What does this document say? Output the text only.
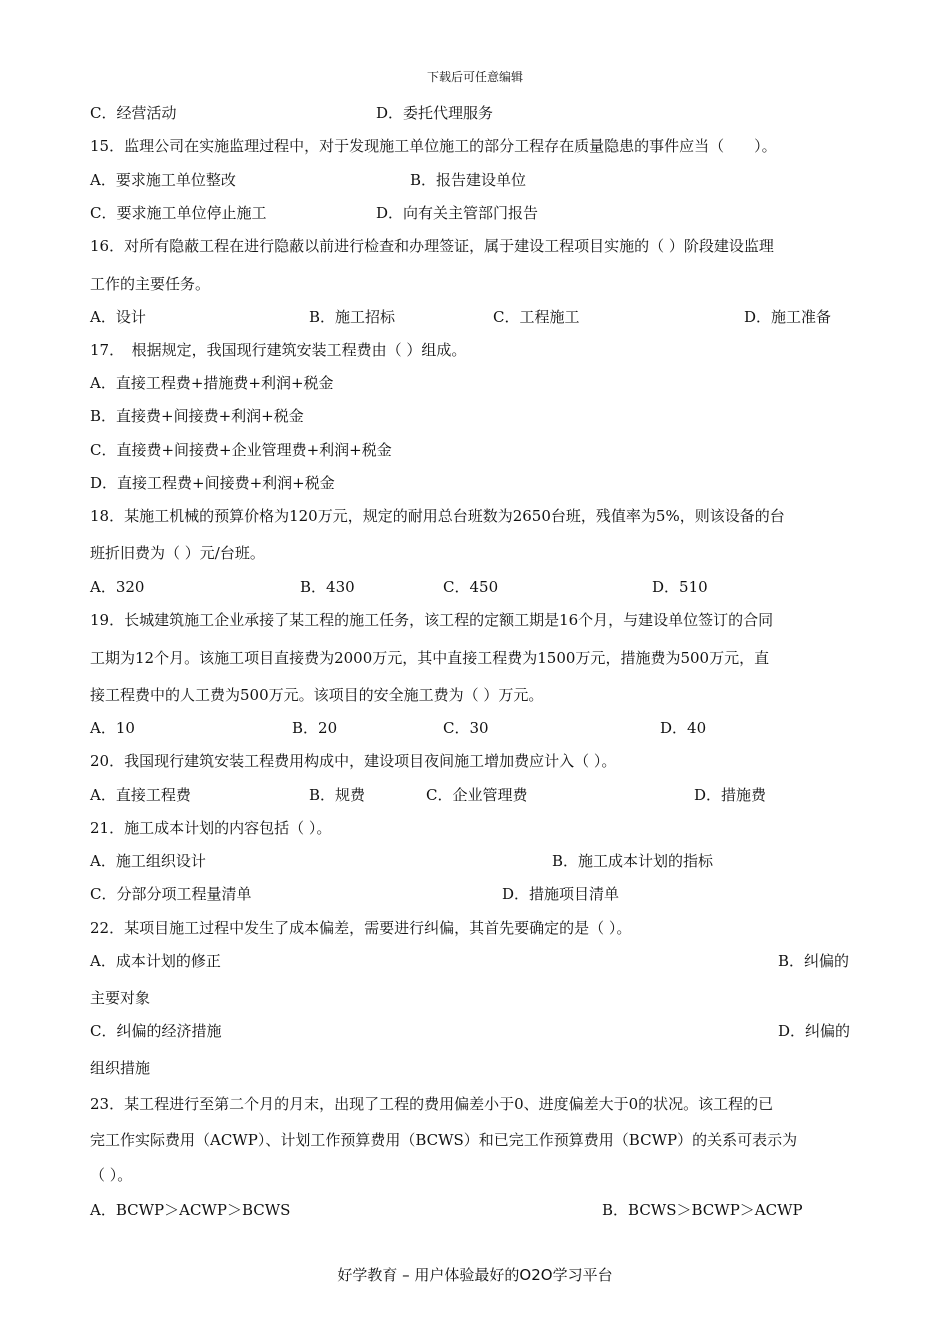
下载后可任意编辑
C．经营活动	D．委托代理服务
15．监理公司在实施监理过程中，对于发现施工单位施工的部分工程存在质量隐患的事件应当（　　）。
A．要求施工单位整改	B．报告建设单位
C．要求施工单位停止施工	D．向有关主管部门报告
16．对所有隐蔽工程在进行隐蔽以前进行检查和办理签证，属于建设工程项目实施的（ ）阶段建设监理
工作的主要任务。
A．设计	B．施工招标	C．工程施工	D．施工准备
17．　根据规定，我国现行建筑安装工程费由（ ）组成。
A．直接工程费+措施费+利润+税金
B．直接费+间接费+利润+税金
C．直接费+间接费+企业管理费+利润+税金
D．直接工程费+间接费+利润+税金
18．某施工机械的预算价格为120万元，规定的耐用总台班数为2650台班，残值率为5%，则该设备的台
班折旧费为（ ）元/台班。
A．320	B．430	C．450	D．510
19．长城建筑施工企业承接了某工程的施工任务，该工程的定额工期是16个月，与建设单位签订的合同
工期为12个月。该施工项目直接费为2000万元，其中直接工程费为1500万元，措施费为500万元，直
接工程费中的人工费为500万元。该项目的安全施工费为（ ）万元。
A．10	B．20	C．30	D．40
20．我国现行建筑安装工程费用构成中，建设项目夜间施工增加费应计入（ ）。
A．直接工程费	B．规费	C．企业管理费	D．措施费
21．施工成本计划的内容包括（ ）。
A．施工组织设计	B．施工成本计划的指标
C．分部分项工程量清单	D．措施项目清单
22．某项目施工过程中发生了成本偏差，需要进行纠偏，其首先要确定的是（ ）。
A．成本计划的修正	B．纠偏的
主要对象
C．纠偏的经济措施	D．纠偏的
组织措施
23．某工程进行至第二个月的月末，出现了工程的费用偏差小于0、进度偏差大于0的状况。该工程的已
完工作实际费用（ACWP）、计划工作预算费用（BCWS）和已完工作预算费用（BCWP）的关系可表示为
（ ）。
A．BCWP＞ACWP＞BCWS	B．BCWS＞BCWP＞ACWP
好学教育 – 用户体验最好的O2O学习平台
